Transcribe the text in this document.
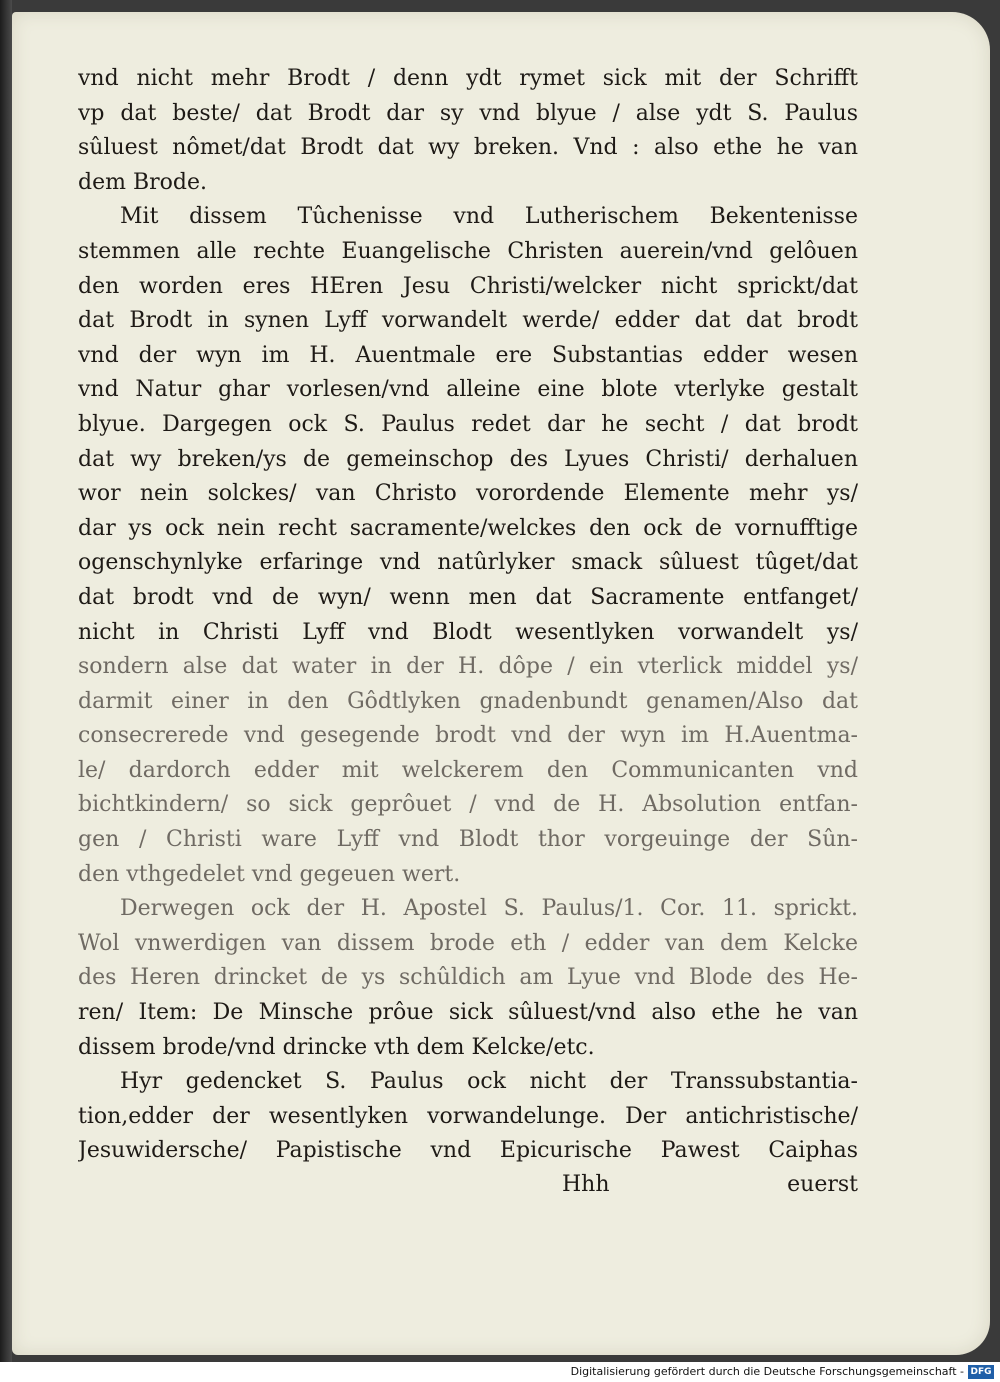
vnd nicht mehr Brodt / denn ydt rymet sick mit der Schrifft
vp dat beste/ dat Brodt dar sy vnd blyue / alse ydt S. Paulus
sûluest nômet/dat Brodt dat wy breken. Vnd : also ethe he van
dem Brode.
Mit dissem Tûchenisse vnd Lutherischem Bekentenisse
stemmen alle rechte Euangelische Christen auerein/vnd gelôuen
den worden eres HEren Jesu Christi/welcker nicht sprickt/dat
dat Brodt in synen Lyff vorwandelt werde/ edder dat dat brodt
vnd der wyn im H. Auentmale ere Substantias edder wesen
vnd Natur ghar vorlesen/vnd alleine eine blote vterlyke gestalt
blyue. Dargegen ock S. Paulus redet dar he secht / dat brodt
dat wy breken/ys de gemeinschop des Lyues Christi/ derhaluen
wor nein solckes/ van Christo vorordende Elemente mehr ys/
dar ys ock nein recht sacramente/welckes den ock de vornufftige
ogenschynlyke erfaringe vnd natûrlyker smack sûluest tûget/dat
dat brodt vnd de wyn/ wenn men dat Sacramente entfanget/
nicht in Christi Lyff vnd Blodt wesentlyken vorwandelt ys/
sondern alse dat water in der H. dôpe / ein vterlick middel ys/
darmit einer in den Gôdtlyken gnadenbundt genamen/Also dat
consecrerede vnd gesegende brodt vnd der wyn im H.Auentma-
le/ dardorch edder mit welckerem den Communicanten vnd
bichtkindern/ so sick geprôuet / vnd de H. Absolution entfan-
gen / Christi ware Lyff vnd Blodt thor vorgeuinge der Sûn-
den vthgedelet vnd gegeuen wert.
Derwegen ock der H. Apostel S. Paulus/1. Cor. 11. sprickt.
Wol vnwerdigen van dissem brode eth / edder van dem Kelcke
des Heren drincket de ys schûldich am Lyue vnd Blode des He-
ren/ Item: De Minsche prôue sick sûluest/vnd also ethe he van
dissem brode/vnd drincke vth dem Kelcke/etc.
Hyr gedencket S. Paulus ock nicht der Transsubstantia-
tion,edder der wesentlyken vorwandelunge. Der antichristische/
Jesuwidersche/ Papistische vnd Epicurische Pawest Caiphas
Hhh	euerst
Digitalisierung gefördert durch die Deutsche Forschungsgemeinschaft - DFG
